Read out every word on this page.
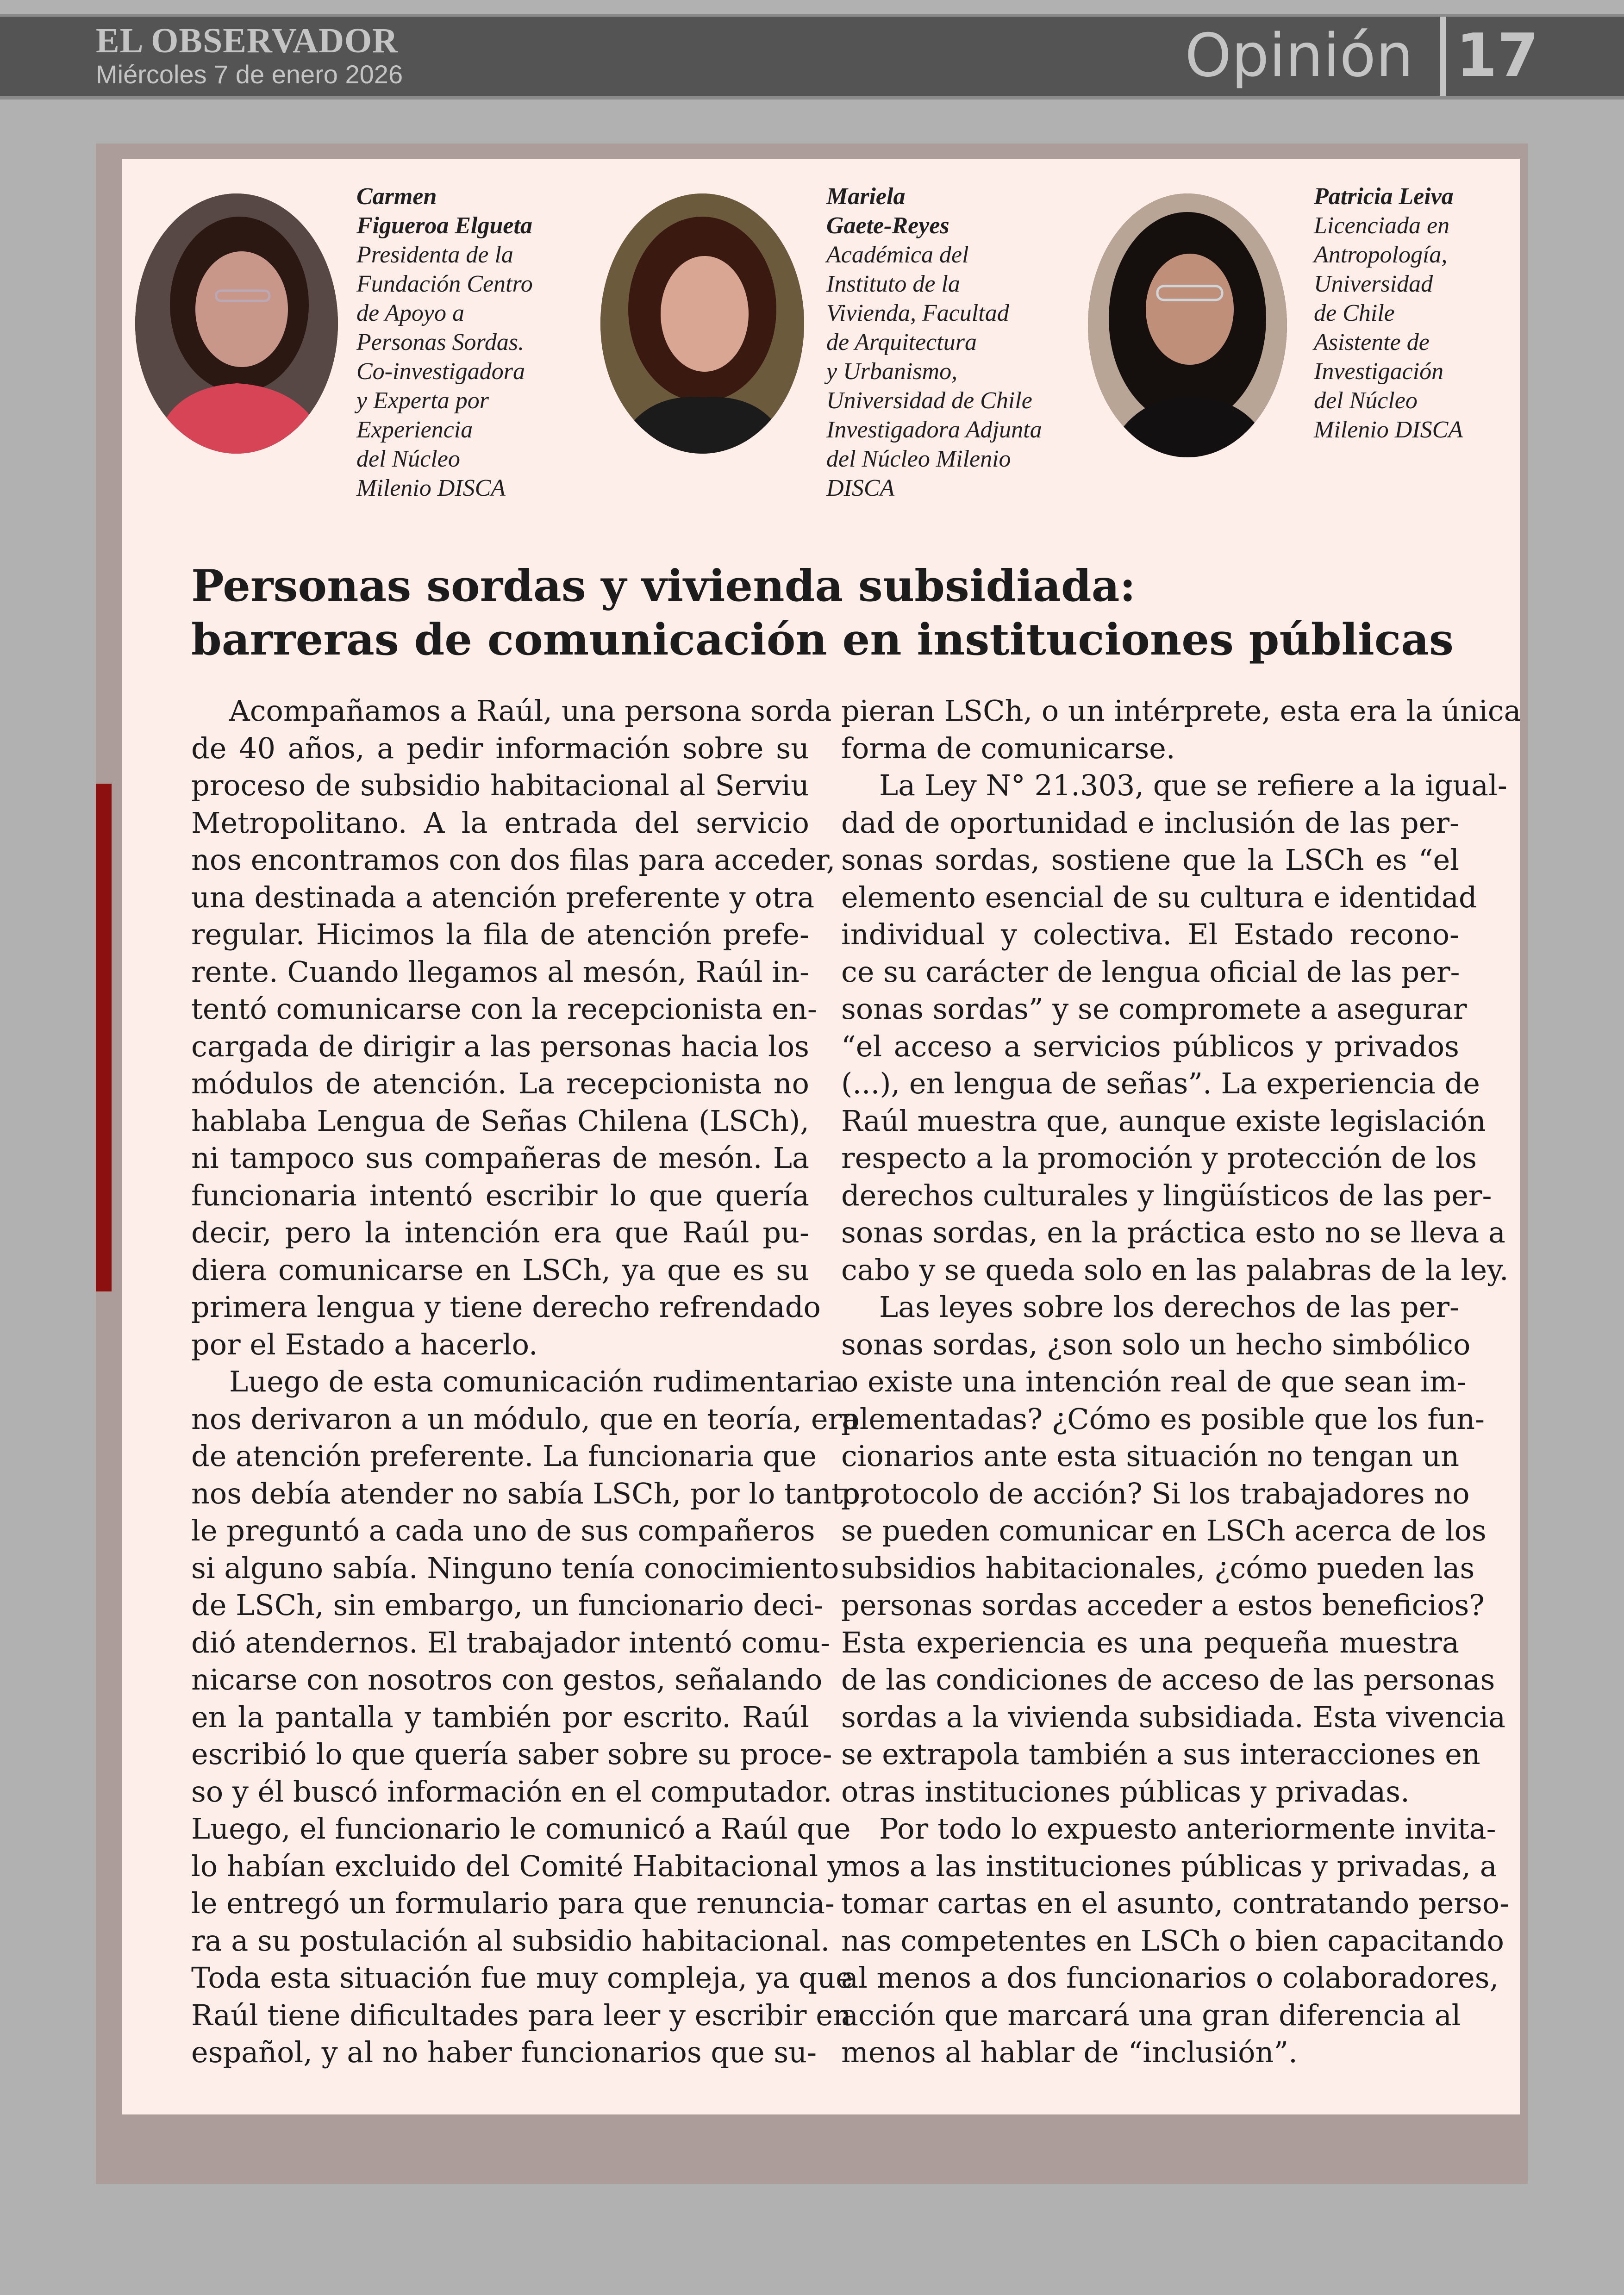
EL OBSERVADOR
Miércoles 7 de enero 2026	Opinión 17
Carmen
Figueroa Elgueta
Presidenta de la
Fundación Centro
de Apoyo a
Personas Sordas.
Co-investigadora
y Experta por
Experiencia
del Núcleo
Milenio DISCA
Mariela
Gaete-Reyes
Académica del
Instituto de la
Vivienda, Facultad
de Arquitectura
y Urbanismo,
Universidad de Chile
Investigadora Adjunta
del Núcleo Milenio
DISCA
Patricia Leiva
Licenciada en
Antropología,
Universidad
de Chile
Asistente de
Investigación
del Núcleo
Milenio DISCA
Personas sordas y vivienda subsidiada:
barreras de comunicación en instituciones públicas
Acompañamos a Raúl, una persona sorda
de 40 años, a pedir información sobre su
proceso de subsidio habitacional al Serviu
Metropolitano. A la entrada del servicio
nos encontramos con dos filas para acceder,
una destinada a atención preferente y otra
regular. Hicimos la fila de atención prefe-
rente. Cuando llegamos al mesón, Raúl in-
tentó comunicarse con la recepcionista en-
cargada de dirigir a las personas hacia los
módulos de atención. La recepcionista no
hablaba Lengua de Señas Chilena (LSCh),
ni tampoco sus compañeras de mesón. La
funcionaria intentó escribir lo que quería
decir, pero la intención era que Raúl pu-
diera comunicarse en LSCh, ya que es su
primera lengua y tiene derecho refrendado
por el Estado a hacerlo.
Luego de esta comunicación rudimentaria
nos derivaron a un módulo, que en teoría, era
de atención preferente. La funcionaria que
nos debía atender no sabía LSCh, por lo tanto,
le preguntó a cada uno de sus compañeros
si alguno sabía. Ninguno tenía conocimiento
de LSCh, sin embargo, un funcionario deci-
dió atendernos. El trabajador intentó comu-
nicarse con nosotros con gestos, señalando
en la pantalla y también por escrito. Raúl
escribió lo que quería saber sobre su proce-
so y él buscó información en el computador.
Luego, el funcionario le comunicó a Raúl que
lo habían excluido del Comité Habitacional y
le entregó un formulario para que renuncia-
ra a su postulación al subsidio habitacional.
Toda esta situación fue muy compleja, ya que
Raúl tiene dificultades para leer y escribir en
español, y al no haber funcionarios que su-
pieran LSCh, o un intérprete, esta era la única
forma de comunicarse.
La Ley N° 21.303, que se refiere a la igual-
dad de oportunidad e inclusión de las per-
sonas sordas, sostiene que la LSCh es “el
elemento esencial de su cultura e identidad
individual y colectiva. El Estado recono-
ce su carácter de lengua oficial de las per-
sonas sordas” y se compromete a asegurar
“el acceso a servicios públicos y privados
(...), en lengua de señas”. La experiencia de
Raúl muestra que, aunque existe legislación
respecto a la promoción y protección de los
derechos culturales y lingüísticos de las per-
sonas sordas, en la práctica esto no se lleva a
cabo y se queda solo en las palabras de la ley.
Las leyes sobre los derechos de las per-
sonas sordas, ¿son solo un hecho simbólico
o existe una intención real de que sean im-
plementadas? ¿Cómo es posible que los fun-
cionarios ante esta situación no tengan un
protocolo de acción? Si los trabajadores no
se pueden comunicar en LSCh acerca de los
subsidios habitacionales, ¿cómo pueden las
personas sordas acceder a estos beneficios?
Esta experiencia es una pequeña muestra
de las condiciones de acceso de las personas
sordas a la vivienda subsidiada. Esta vivencia
se extrapola también a sus interacciones en
otras instituciones públicas y privadas.
Por todo lo expuesto anteriormente invita-
mos a las instituciones públicas y privadas, a
tomar cartas en el asunto, contratando perso-
nas competentes en LSCh o bien capacitando
al menos a dos funcionarios o colaboradores,
acción que marcará una gran diferencia al
menos al hablar de “inclusión”.
